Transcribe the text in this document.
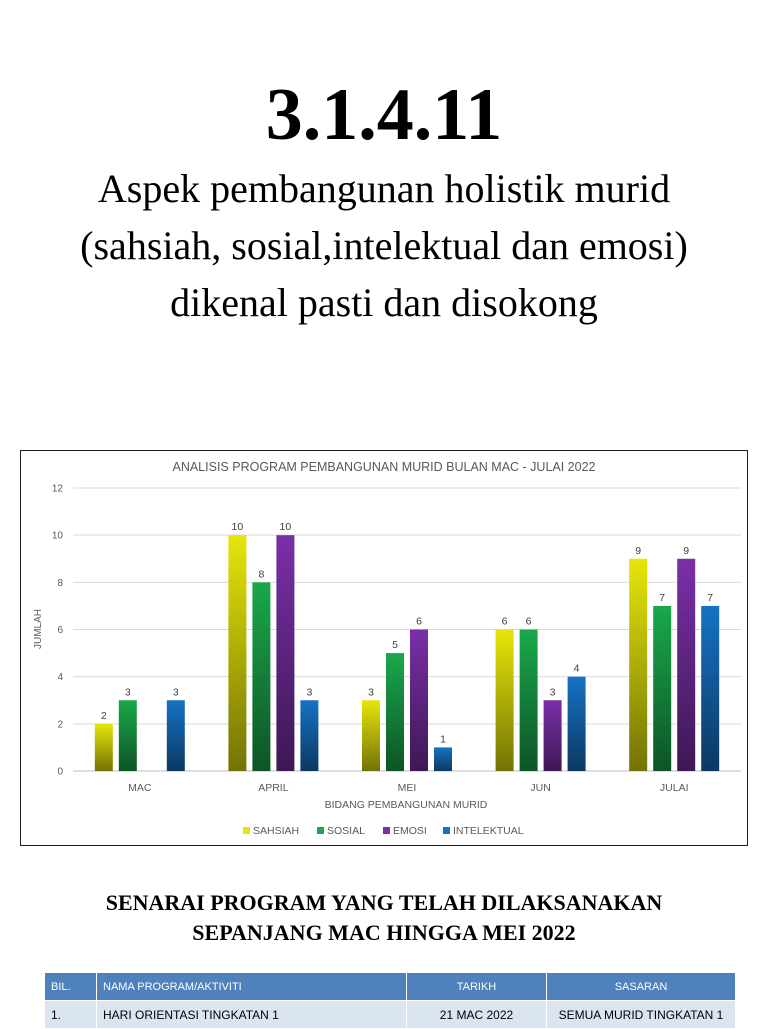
3.1.4.11
Aspek pembangunan holistik murid (sahsiah, sosial,intelektual dan emosi) dikenal pasti dan disokong
0
2
4
6
8
10
12
2
3	3
MAC
10
8
10
3
APRIL
3
5
6
1
MEI
6 6
3
4
JUN
9
7
9
7
JULAI
ANALISIS PROGRAM PEMBANGUNAN MURID BULAN MAC - JULAI 2022
JUMLAH
BIDANG PEMBANGUNAN MURID
SAHSIAH	SOSIAL	EMOSI INTELEKTUAL
SENARAI PROGRAM YANG TELAH DILAKSANAKAN SEPANJANG MAC HINGGA MEI 2022
BIL.	NAMA PROGRAM/AKTIVITI	TARIKH	SASARAN
1.	HARI ORIENTASI TINGKATAN 1	21 MAC 2022	SEMUA MURID TINGKATAN 1
